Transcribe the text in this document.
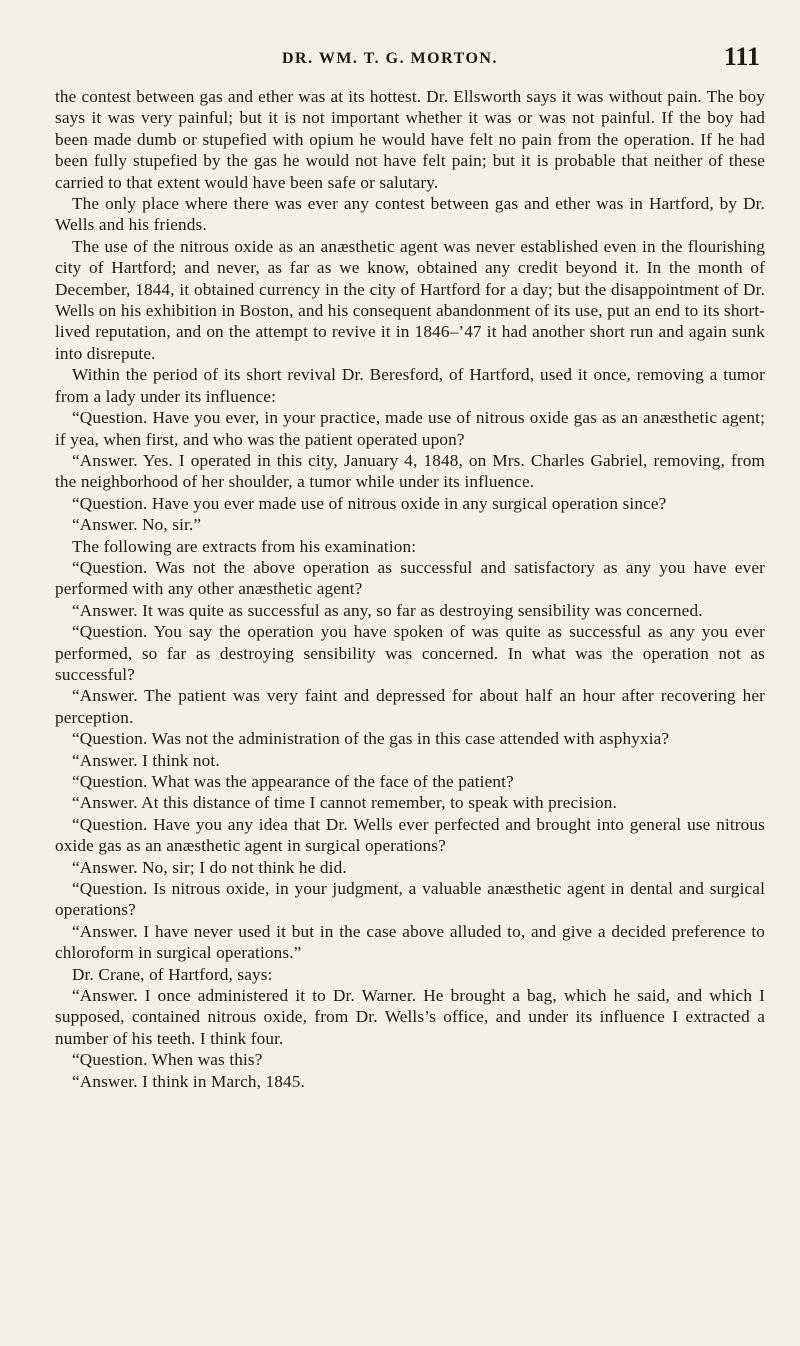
DR. WM. T. G. MORTON.	111

the contest between gas and ether was at its hottest. Dr. Ellsworth says it was without pain. The boy says it was very painful; but it is not important whether it was or was not painful. If the boy had been made dumb or stupefied with opium he would have felt no pain from the operation. If he had been fully stupefied by the gas he would not have felt pain; but it is probable that neither of these carried to that extent would have been safe or salutary.

The only place where there was ever any contest between gas and ether was in Hartford, by Dr. Wells and his friends.

The use of the nitrous oxide as an anæsthetic agent was never established even in the flourishing city of Hartford; and never, as far as we know, obtained any credit beyond it. In the month of December, 1844, it obtained currency in the city of Hartford for a day; but the disappointment of Dr. Wells on his exhibition in Boston, and his consequent abandonment of its use, put an end to its short-lived reputation, and on the attempt to revive it in 1846–’47 it had another short run and again sunk into disrepute.

Within the period of its short revival Dr. Beresford, of Hartford, used it once, removing a tumor from a lady under its influence:

“Question. Have you ever, in your practice, made use of nitrous oxide gas as an anæsthetic agent; if yea, when first, and who was the patient operated upon?

“Answer. Yes. I operated in this city, January 4, 1848, on Mrs. Charles Gabriel, removing, from the neighborhood of her shoulder, a tumor while under its influence.

“Question. Have you ever made use of nitrous oxide in any surgical operation since?

“Answer. No, sir.”

The following are extracts from his examination:

“Question. Was not the above operation as successful and satisfactory as any you have ever performed with any other anæsthetic agent?

“Answer. It was quite as successful as any, so far as destroying sensibility was concerned.

“Question. You say the operation you have spoken of was quite as successful as any you ever performed, so far as destroying sensibility was concerned. In what was the operation not as successful?

“Answer. The patient was very faint and depressed for about half an hour after recovering her perception.

“Question. Was not the administration of the gas in this case attended with asphyxia?

“Answer. I think not.

“Question. What was the appearance of the face of the patient?

“Answer. At this distance of time I cannot remember, to speak with precision.

“Question. Have you any idea that Dr. Wells ever perfected and brought into general use nitrous oxide gas as an anæsthetic agent in surgical operations?

“Answer. No, sir; I do not think he did.

“Question. Is nitrous oxide, in your judgment, a valuable anæsthetic agent in dental and surgical operations?

“Answer. I have never used it but in the case above alluded to, and give a decided preference to chloroform in surgical operations.”

Dr. Crane, of Hartford, says:

“Answer. I once administered it to Dr. Warner. He brought a bag, which he said, and which I supposed, contained nitrous oxide, from Dr. Wells’s office, and under its influence I extracted a number of his teeth. I think four.

“Question. When was this?

“Answer. I think in March, 1845.
